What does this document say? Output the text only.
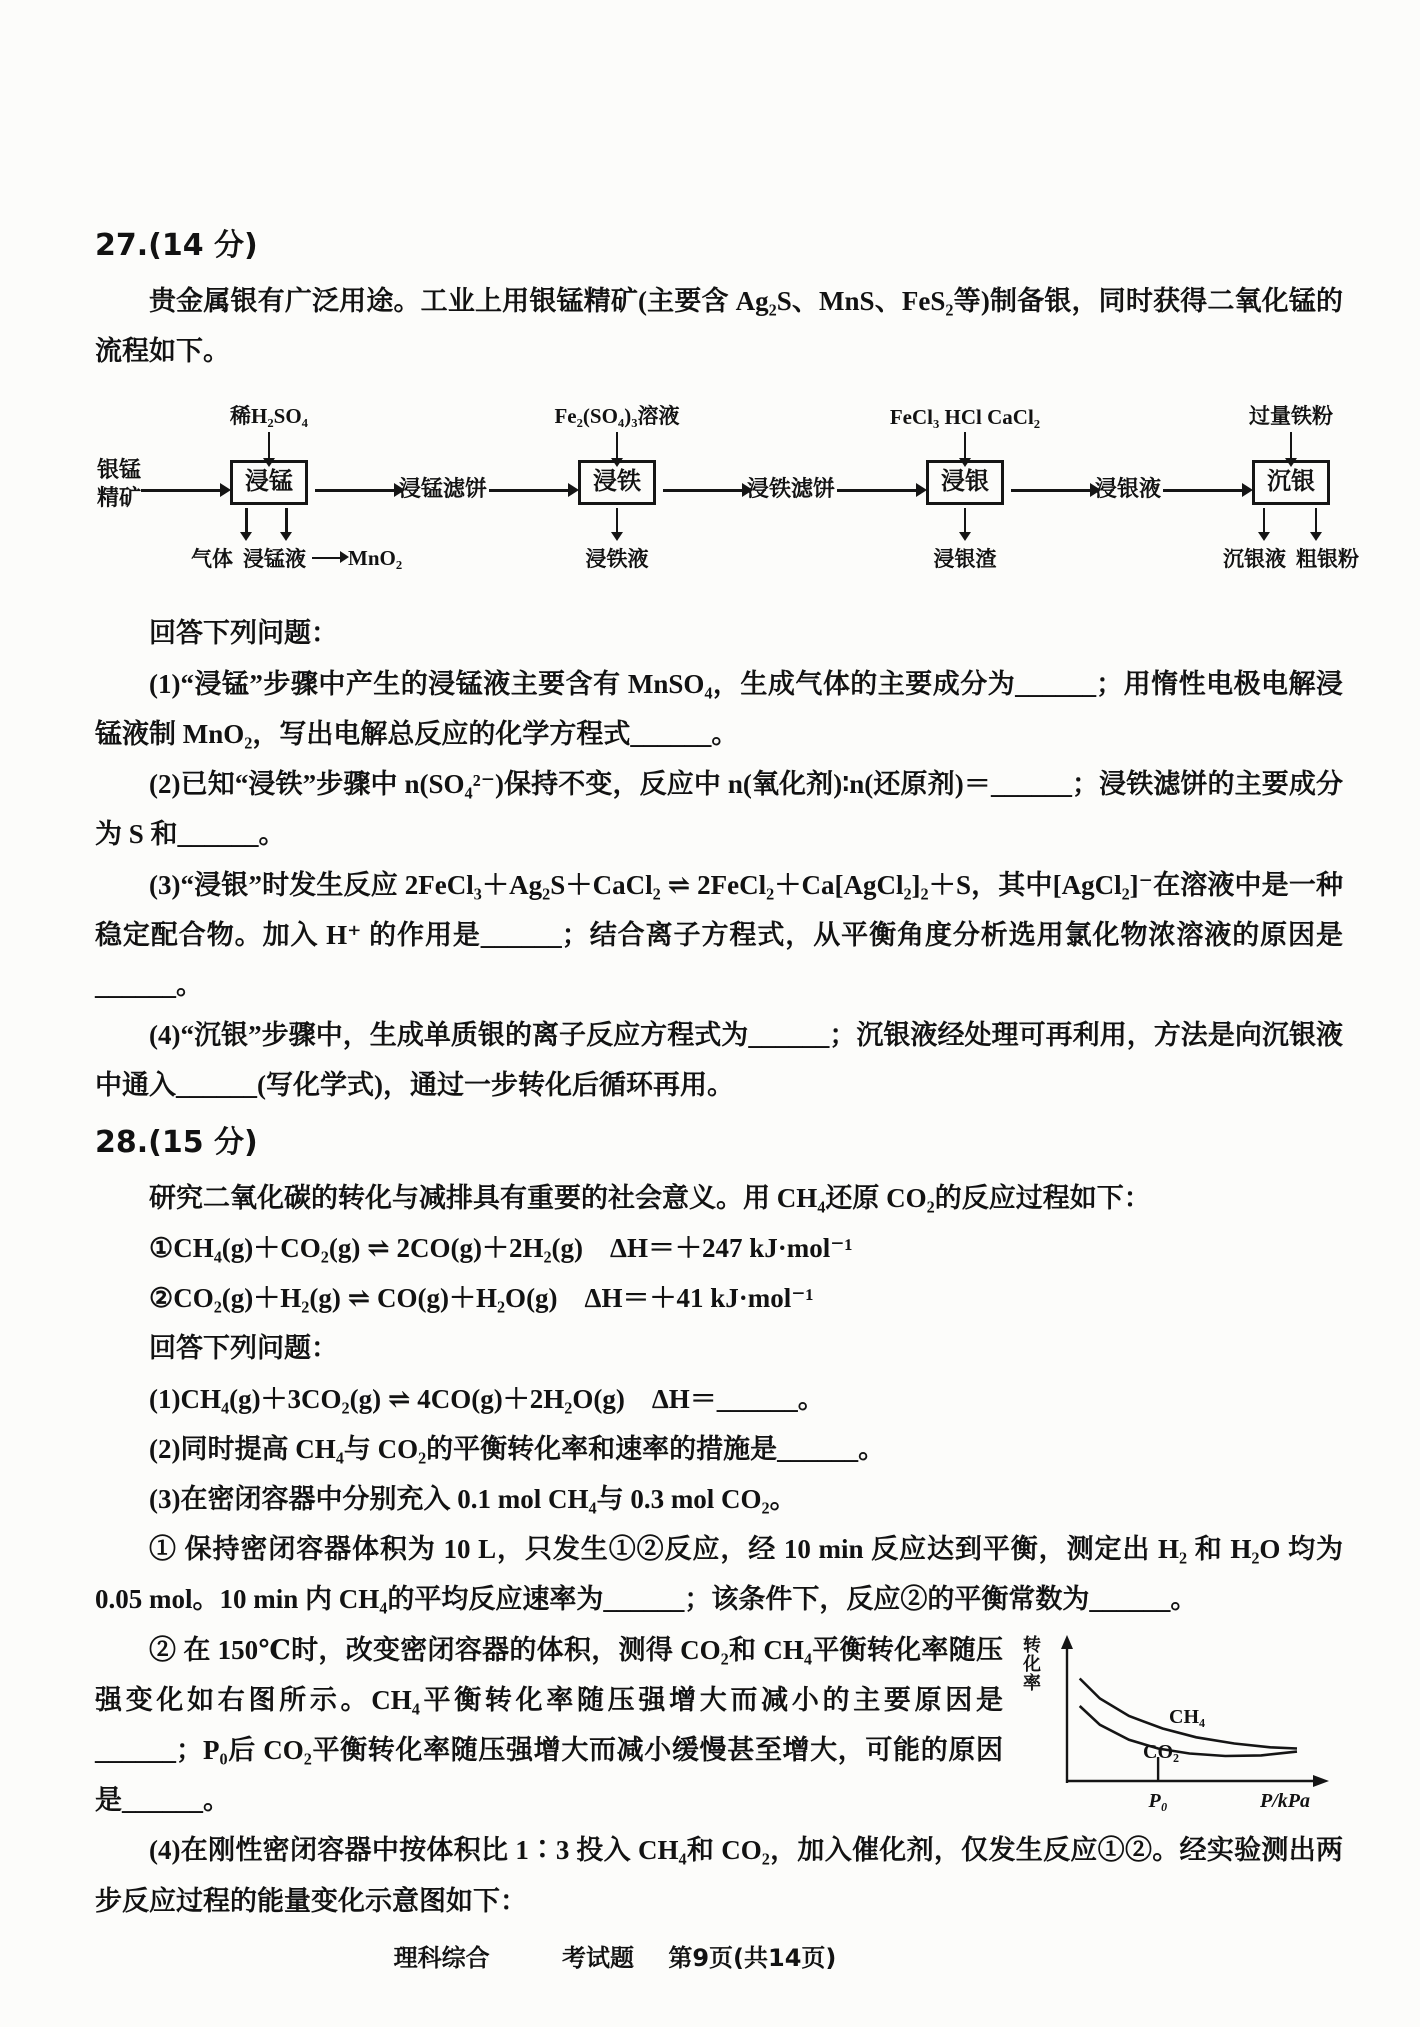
27.(14 分)

贵金属银有广泛用途。工业上用银锰精矿(主要含 Ag₂S、MnS、FeS₂等)制备银，同时获得二氧化锰的流程如下。

银锰
精矿
稀H₂SO₄
浸锰
气体 浸锰液 MnO₂
浸锰滤饼
Fe₂(SO₄)₃溶液
浸铁
浸铁液
浸铁滤饼
FeCl₃ HCl CaCl₂
浸银
浸银渣
浸银液
过量铁粉
沉银
沉银液 粗银粉

回答下列问题：

(1)“浸锰”步骤中产生的浸锰液主要含有 MnSO₄，生成气体的主要成分为______；用惰性电极电解浸锰液制 MnO₂，写出电解总反应的化学方程式______。

(2)已知“浸铁”步骤中 n(SO₄²⁻)保持不变，反应中 n(氧化剂)∶n(还原剂)＝______；浸铁滤饼的主要成分为 S 和______。

(3)“浸银”时发生反应 2FeCl₃＋Ag₂S＋CaCl₂ ⇌ 2FeCl₂＋Ca[AgCl₂]₂＋S，其中[AgCl₂]⁻在溶液中是一种稳定配合物。加入 H⁺ 的作用是______；结合离子方程式，从平衡角度分析选用氯化物浓溶液的原因是______。

(4)“沉银”步骤中，生成单质银的离子反应方程式为______；沉银液经处理可再利用，方法是向沉银液中通入______(写化学式)，通过一步转化后循环再用。

28.(15 分)

研究二氧化碳的转化与减排具有重要的社会意义。用 CH₄还原 CO₂的反应过程如下：

①CH₄(g)＋CO₂(g) ⇌ 2CO(g)＋2H₂(g)　ΔH＝＋247 kJ·mol⁻¹

②CO₂(g)＋H₂(g) ⇌ CO(g)＋H₂O(g)　ΔH＝＋41 kJ·mol⁻¹

回答下列问题：

(1)CH₄(g)＋3CO₂(g) ⇌ 4CO(g)＋2H₂O(g)　ΔH＝______。

(2)同时提高 CH₄与 CO₂的平衡转化率和速率的措施是______。

(3)在密闭容器中分别充入 0.1 mol CH₄与 0.3 mol CO₂。

① 保持密闭容器体积为 10 L，只发生①②反应，经 10 min 反应达到平衡，测定出 H₂ 和 H₂O 均为 0.05 mol。10 min 内 CH₄的平均反应速率为______；该条件下，反应②的平衡常数为______。

转化率
CH₄
CO₂
P₀	P/kPa

② 在 150℃时，改变密闭容器的体积，测得 CO₂和 CH₄平衡转化率随压强变化如右图所示。CH₄平衡转化率随压强增大而减小的主要原因是______；P₀后 CO₂平衡转化率随压强增大而减小缓慢甚至增大，可能的原因是______。

(4)在刚性密闭容器中按体积比 1∶3 投入 CH₄和 CO₂，加入催化剂，仅发生反应①②。经实验测出两步反应过程的能量变化示意图如下：

理科综合	考试题 第9页(共14页)
